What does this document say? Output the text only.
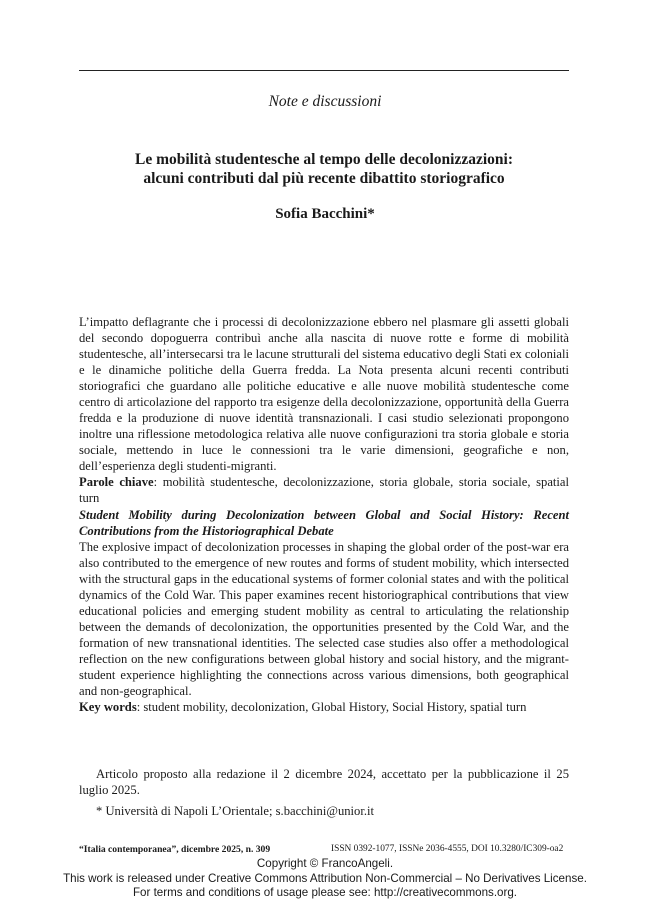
Note e discussioni
Le mobilità studentesche al tempo delle decolonizzazioni:
alcuni contributi dal più recente dibattito storiografico
Sofia Bacchini*

L’impatto deflagrante che i processi di decolonizzazione ebbero nel plasmare gli assetti globali del secondo dopoguerra contribuì anche alla nascita di nuove rotte e forme di mobilità studentesche, all’intersecarsi tra le lacune strutturali del sistema educativo degli Stati ex coloniali e le dinamiche politiche della Guerra fredda. La Nota presenta alcuni recenti contributi storiografici che guardano alle politiche educative e alle nuove mobilità studentesche come centro di articolazione del rapporto tra esigenze della decolonizzazione, opportunità della Guerra fredda e la produzione di nuove identità transnazionali. I casi studio selezionati propongono inoltre una riflessione metodologica relativa alle nuove configurazioni tra storia globale e storia sociale, mettendo in luce le connessioni tra le varie dimensioni, geografiche e non, dell’esperienza degli studenti-migranti.

Parole chiave: mobilità studentesche, decolonizzazione, storia globale, storia sociale, spatial turn

Student Mobility during Decolonization between Global and Social History: Recent Contributions from the Historiographical Debate

The explosive impact of decolonization processes in shaping the global order of the post-war era also contributed to the emergence of new routes and forms of student mobility, which intersected with the structural gaps in the educational systems of former colonial states and with the political dynamics of the Cold War. This paper examines recent historiographical contributions that view educational policies and emerging student mobility as central to articulating the relationship between the demands of decolonization, the opportunities presented by the Cold War, and the formation of new transnational identities. The selected case studies also offer a methodological reflection on the new configurations between global history and social history, and the migrant-student experience highlighting the connections across various dimensions, both geographical and non-geographical.

Key words: student mobility, decolonization, Global History, Social History, spatial turn

Articolo proposto alla redazione il 2 dicembre 2024, accettato per la pubblicazione il 25 luglio 2025.

* Università di Napoli L’Orientale; s.bacchini@unior.it
“Italia contemporanea”, dicembre 2025, n. 309	ISSN 0392-1077, ISSNe 2036-4555, DOI 10.3280/IC309-oa2
Copyright © FrancoAngeli.
This work is released under Creative Commons Attribution Non-Commercial – No Derivatives License.
For terms and conditions of usage please see: http://creativecommons.org.
